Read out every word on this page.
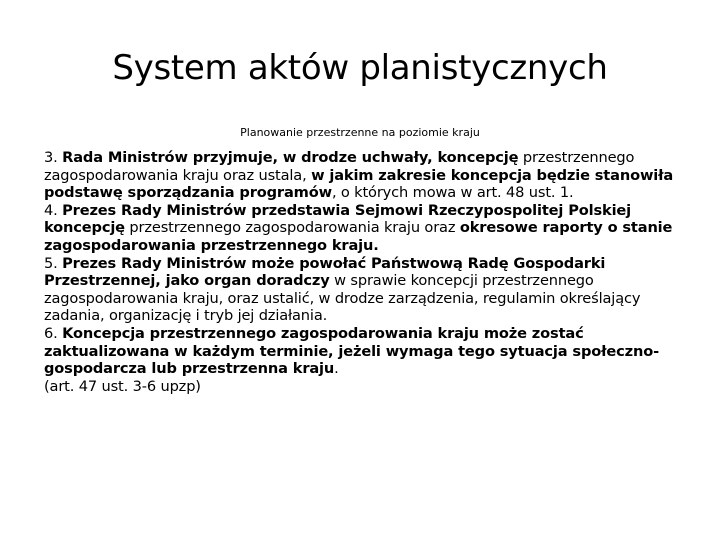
System aktów planistycznych

Planowanie przestrzenne na poziomie kraju

3. Rada Ministrów przyjmuje, w drodze uchwały, koncepcję przestrzennego zagospodarowania kraju oraz ustala, w jakim zakresie koncepcja będzie stanowiła podstawę sporządzania programów, o których mowa w art. 48 ust. 1.

4. Prezes Rady Ministrów przedstawia Sejmowi Rzeczypospolitej Polskiej koncepcję przestrzennego zagospodarowania kraju oraz okresowe raporty o stanie zagospodarowania przestrzennego kraju.

5. Prezes Rady Ministrów może powołać Państwową Radę Gospodarki Przestrzennej, jako organ doradczy w sprawie koncepcji przestrzennego zagospodarowania kraju, oraz ustalić, w drodze zarządzenia, regulamin określający zadania, organizację i tryb jej działania.

6. Koncepcja przestrzennego zagospodarowania kraju może zostać zaktualizowana w każdym terminie, jeżeli wymaga tego sytuacja społeczno-gospodarcza lub przestrzenna kraju.

(art. 47 ust. 3-6 upzp)
